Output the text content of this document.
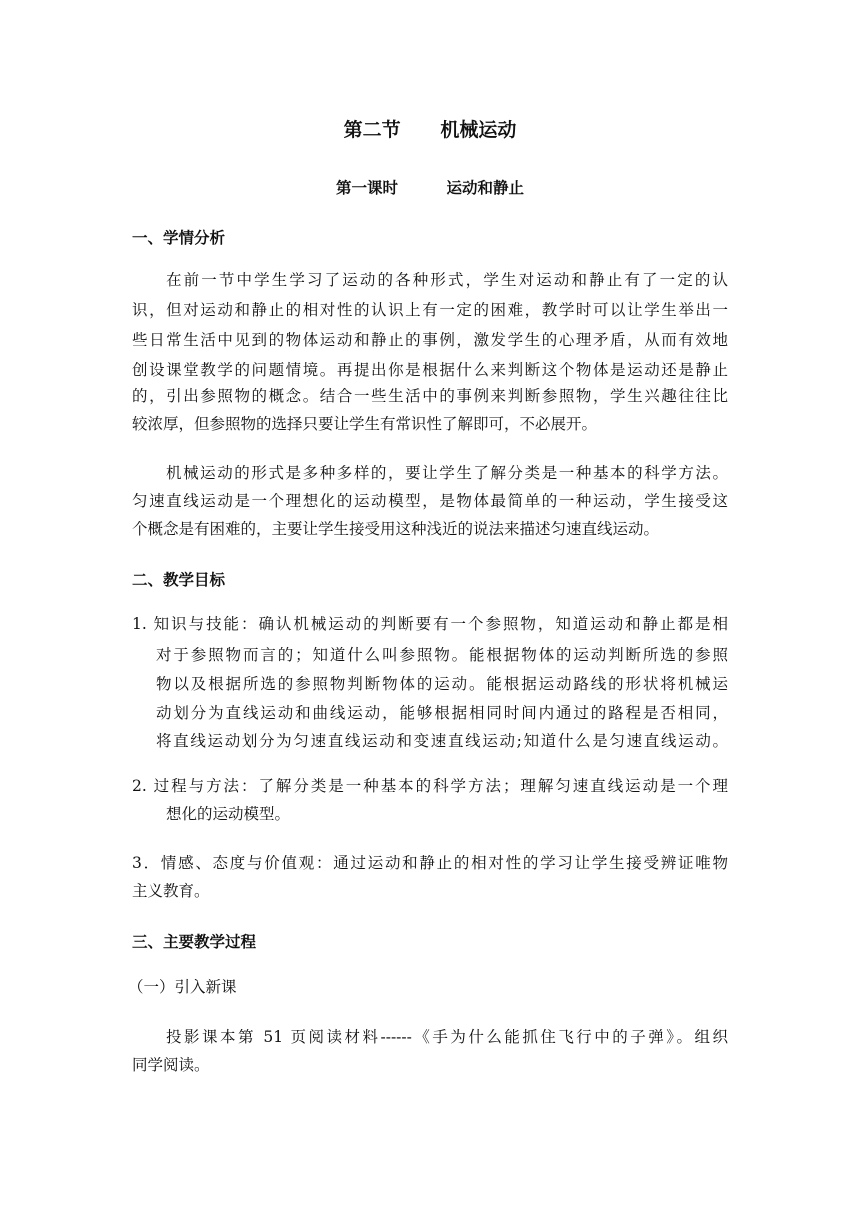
第二节      机械运动
第一课时         运动和静止
一、学情分析
在前一节中学生学习了运动的各种形式，学生对运动和静止有了一定的认
识，但对运动和静止的相对性的认识上有一定的困难，教学时可以让学生举出一
些日常生活中见到的物体运动和静止的事例，激发学生的心理矛盾，从而有效地
创设课堂教学的问题情境。再提出你是根据什么来判断这个物体是运动还是静止
的，引出参照物的概念。结合一些生活中的事例来判断参照物，学生兴趣往往比
较浓厚，但参照物的选择只要让学生有常识性了解即可，不必展开。
机械运动的形式是多种多样的，要让学生了解分类是一种基本的科学方法。
匀速直线运动是一个理想化的运动模型，是物体最简单的一种运动，学生接受这
个概念是有困难的，主要让学生接受用这种浅近的说法来描述匀速直线运动。
二、教学目标
1. 知识与技能：确认机械运动的判断要有一个参照物，知道运动和静止都是相
对于参照物而言的；知道什么叫参照物。能根据物体的运动判断所选的参照
物以及根据所选的参照物判断物体的运动。能根据运动路线的形状将机械运
动划分为直线运动和曲线运动，能够根据相同时间内通过的路程是否相同，
将直线运动划分为匀速直线运动和变速直线运动;知道什么是匀速直线运动。
2. 过程与方法：了解分类是一种基本的科学方法；理解匀速直线运动是一个理
想化的运动模型。
3．情感、态度与价值观：通过运动和静止的相对性的学习让学生接受辨证唯物
主义教育。
三、主要教学过程
（一）引入新课
投影课本第 51 页阅读材料------《手为什么能抓住飞行中的子弹》。组织
同学阅读。
